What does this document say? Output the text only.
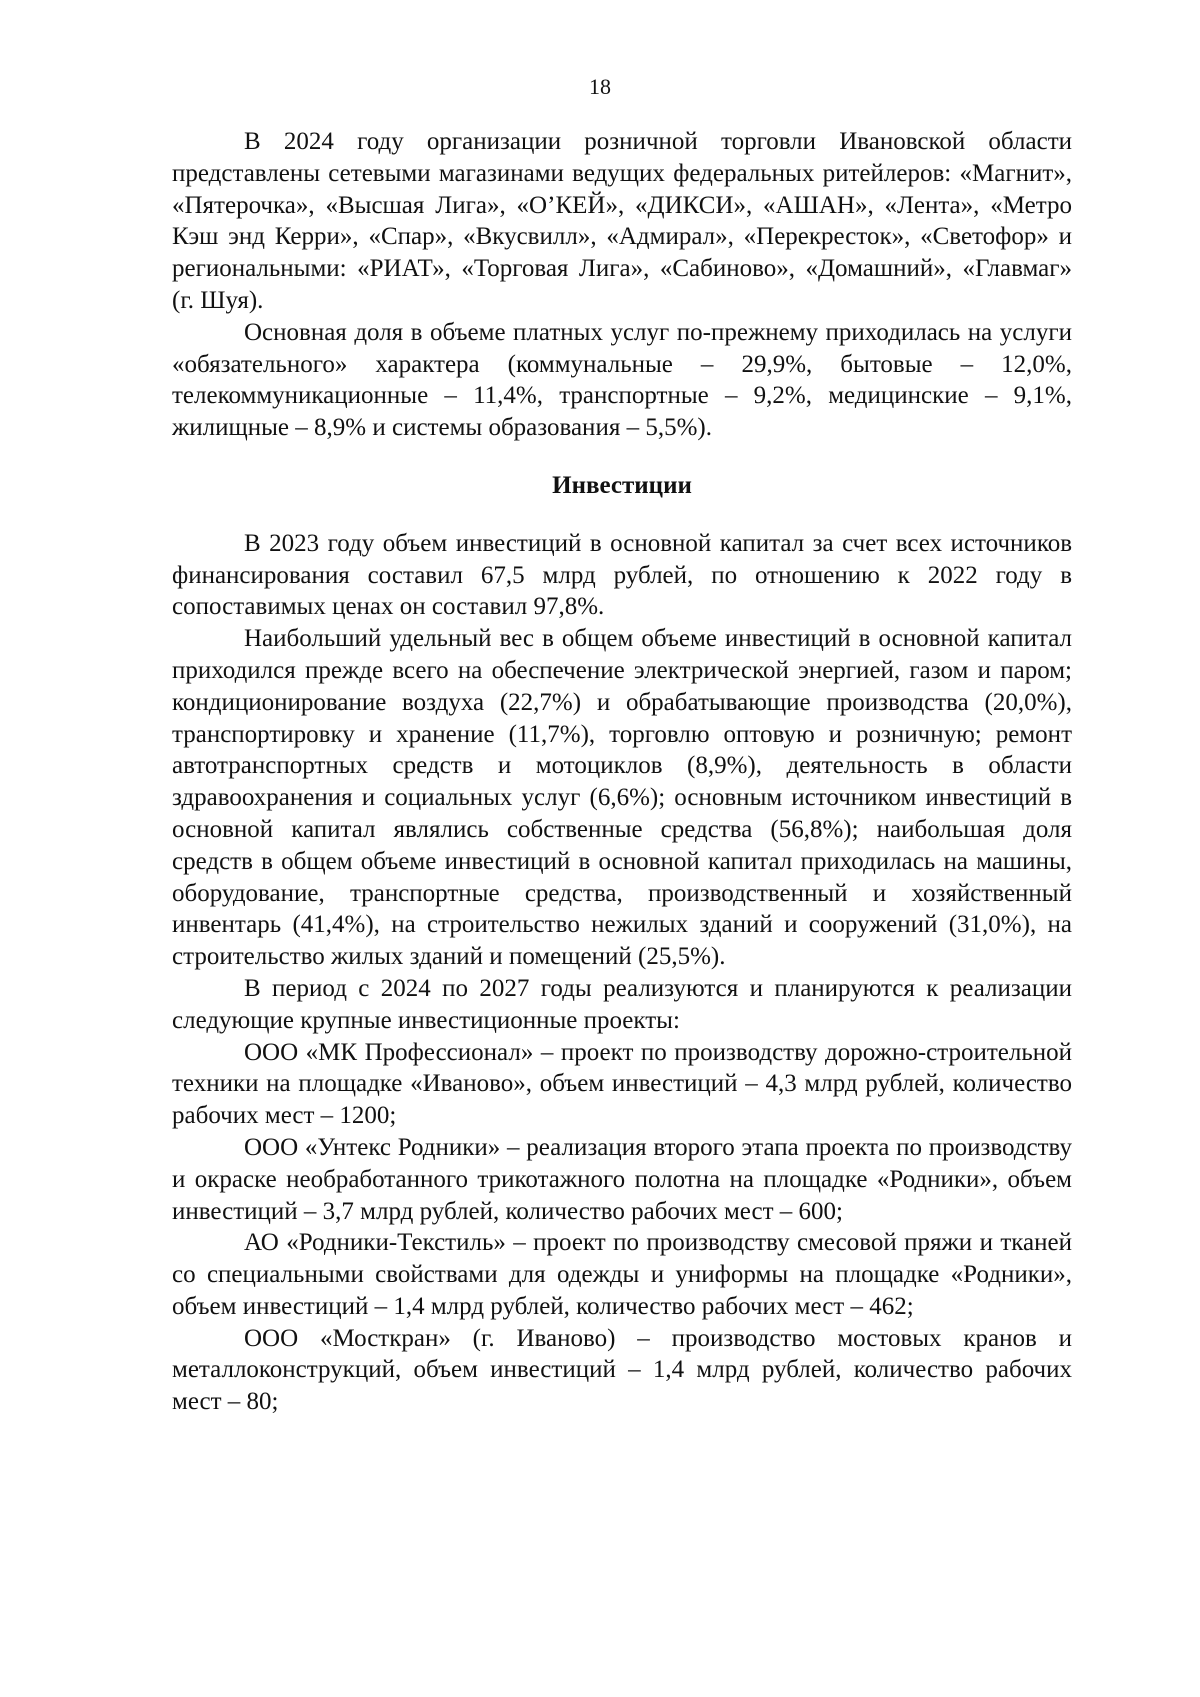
18

В 2024 году организации розничной торговли Ивановской области представлены сетевыми магазинами ведущих федеральных ритейлеров: «Магнит», «Пятерочка», «Высшая Лига», «О’КЕЙ», «ДИКСИ», «АШАН», «Лента», «Метро Кэш энд Керри», «Спар», «Вкусвилл», «Адмирал», «Перекресток», «Светофор» и региональными: «РИАТ», «Торговая Лига», «Сабиново», «Домашний», «Главмаг» (г. Шуя).

Основная доля в объеме платных услуг по-прежнему приходилась на услуги «обязательного» характера (коммунальные – 29,9%, бытовые – 12,0%, телекоммуникационные – 11,4%, транспортные – 9,2%, медицинские – 9,1%, жилищные – 8,9% и системы образования – 5,5%).

Инвестиции

В 2023 году объем инвестиций в основной капитал за счет всех источников финансирования составил 67,5 млрд рублей, по отношению к 2022 году в сопоставимых ценах он составил 97,8%.

Наибольший удельный вес в общем объеме инвестиций в основной капитал приходился прежде всего на обеспечение электрической энергией, газом и паром; кондиционирование воздуха (22,7%) и обрабатывающие производства (20,0%), транспортировку и хранение (11,7%), торговлю оптовую и розничную; ремонт автотранспортных средств и мотоциклов (8,9%), деятельность в области здравоохранения и социальных услуг (6,6%); основным источником инвестиций в основной капитал являлись собственные средства (56,8%); наибольшая доля средств в общем объеме инвестиций в основной капитал приходилась на машины, оборудование, транспортные средства, производственный и хозяйственный инвентарь (41,4%), на строительство нежилых зданий и сооружений (31,0%), на строительство жилых зданий и помещений (25,5%).

В период с 2024 по 2027 годы реализуются и планируются к реализации следующие крупные инвестиционные проекты:

ООО «МК Профессионал» – проект по производству дорожно-строительной техники на площадке «Иваново», объем инвестиций – 4,3 млрд рублей, количество рабочих мест – 1200;

ООО «Унтекс Родники» – реализация второго этапа проекта по производству и окраске необработанного трикотажного полотна на площадке «Родники», объем инвестиций – 3,7 млрд рублей, количество рабочих мест – 600;

АО «Родники-Текстиль» – проект по производству смесовой пряжи и тканей со специальными свойствами для одежды и униформы на площадке «Родники», объем инвестиций – 1,4 млрд рублей, количество рабочих мест – 462;

ООО «Мосткран» (г. Иваново) – производство мостовых кранов и металлоконструкций, объем инвестиций – 1,4 млрд рублей, количество рабочих мест – 80;
